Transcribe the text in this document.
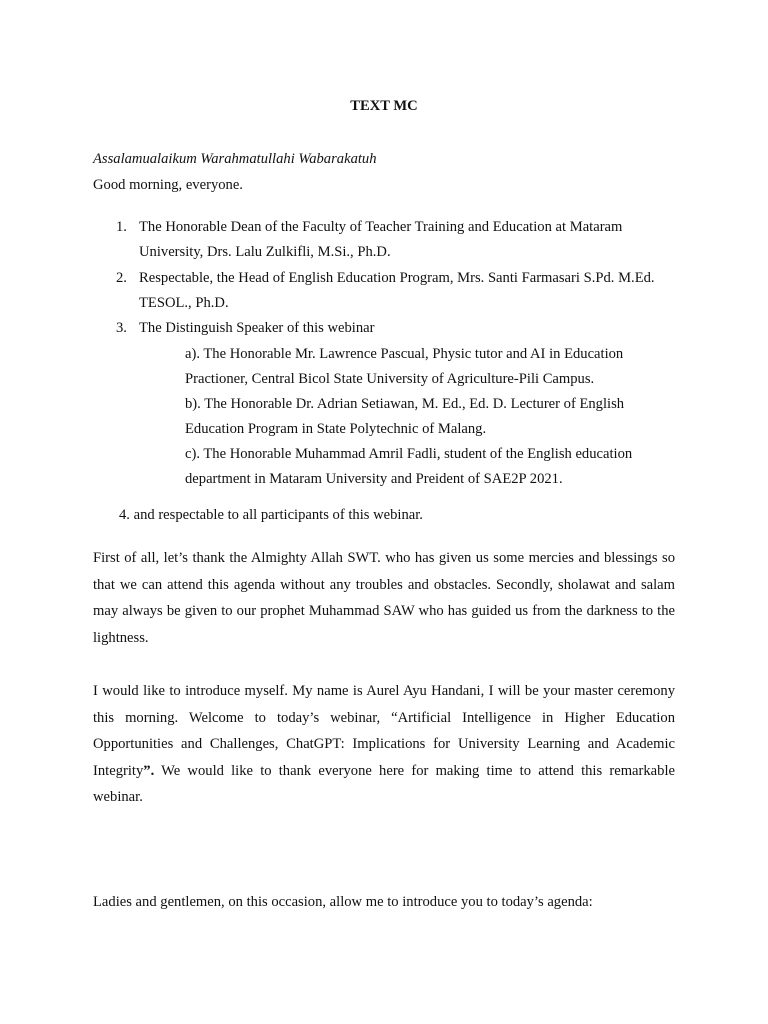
TEXT MC
Assalamualaikum Warahmatullahi Wabarakatuh
Good morning, everyone.
1. The Honorable Dean of the Faculty of Teacher Training and Education at Mataram University, Drs. Lalu Zulkifli, M.Si., Ph.D.
2. Respectable, the Head of English Education Program, Mrs. Santi Farmasari S.Pd. M.Ed. TESOL., Ph.D.
3. The Distinguish Speaker of this webinar
a). The Honorable Mr. Lawrence Pascual, Physic tutor and AI in Education Practioner, Central Bicol State University of Agriculture-Pili Campus.
b). The Honorable Dr. Adrian Setiawan, M. Ed., Ed. D. Lecturer of English Education Program in State Polytechnic of Malang.
c). The Honorable Muhammad Amril Fadli, student of the English education department in Mataram University and Preident of SAE2P 2021.
4. and respectable to all participants of this webinar.
First of all, let’s thank the Almighty Allah SWT. who has given us some mercies and blessings so that we can attend this agenda without any troubles and obstacles. Secondly, sholawat and salam may always be given to our prophet Muhammad SAW who has guided us from the darkness to the lightness.
I would like to introduce myself. My name is Aurel Ayu Handani, I will be your master ceremony this morning. Welcome to today’s webinar, “Artificial Intelligence in Higher Education Opportunities and Challenges, ChatGPT: Implications for University Learning and Academic Integrity”. We would like to thank everyone here for making time to attend this remarkable webinar.
Ladies and gentlemen, on this occasion, allow me to introduce you to today’s agenda:
